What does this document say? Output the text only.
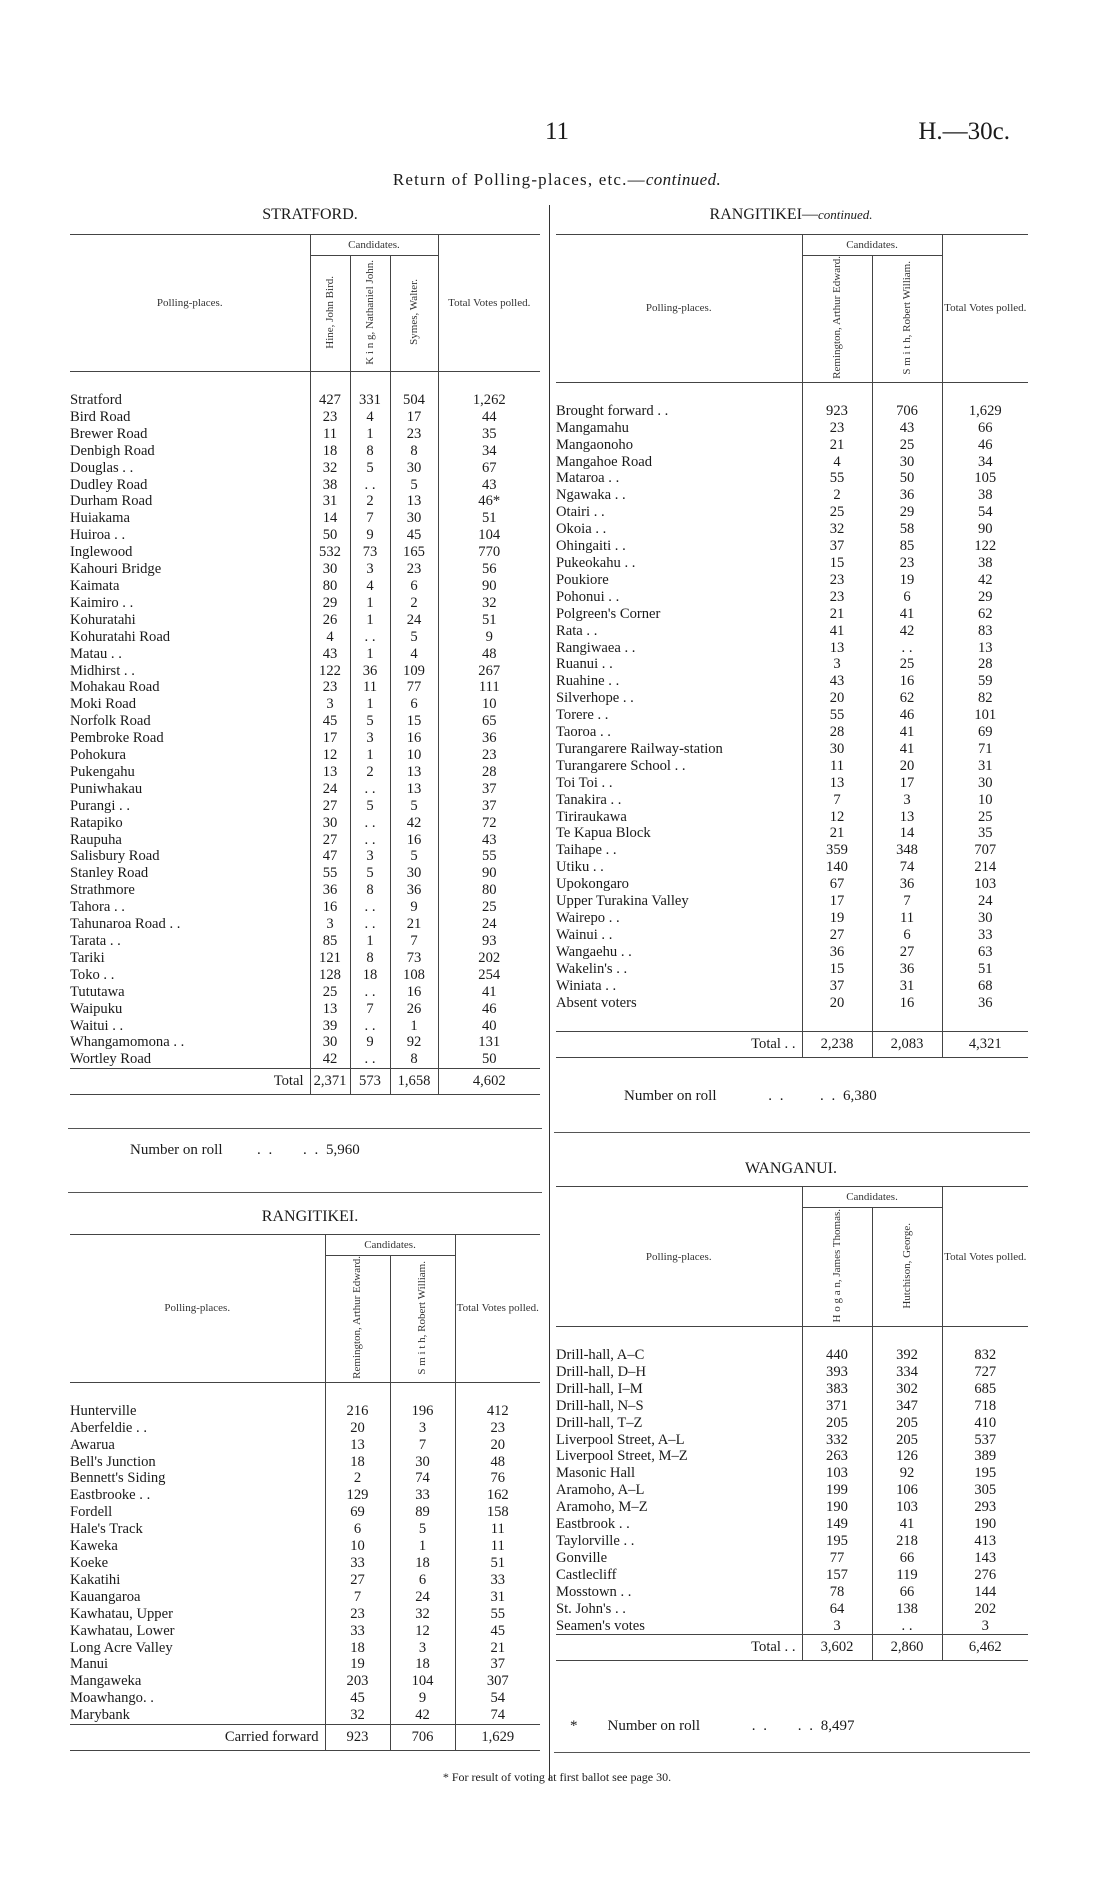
11	H.—30c.
Return of Polling-places, etc.—continued.
STRATFORD.
Polling-places.	Candidates.			Total Votes polled.
	Hine, John Bird.	K i n g, Nathaniel John.	Symes, Walter.	

Stratford	427	331	504	1,262
Bird Road	23	4	17	44
Brewer Road	11	1	23	35
Denbigh Road	18	8	8	34
Douglas . .	32	5	30	67
Dudley Road	38	. .	5	43
Durham Road	31	2	13	46*
Huiakama	14	7	30	51
Huiroa . .	50	9	45	104
Inglewood	532	73	165	770
Kahouri Bridge	30	3	23	56
Kaimata	80	4	6	90
Kaimiro . .	29	1	2	32
Kohuratahi	26	1	24	51
Kohuratahi Road	4	. .	5	9
Matau . .	43	1	4	48
Midhirst . .	122	36	109	267
Mohakau Road	23	11	77	111
Moki Road	3	1	6	10
Norfolk Road	45	5	15	65
Pembroke Road	17	3	16	36
Pohokura	12	1	10	23
Pukengahu	13	2	13	28
Puniwhakau	24	. .	13	37
Purangi . .	27	5	5	37
Ratapiko	30	. .	42	72
Raupuha	27	. .	16	43
Salisbury Road	47	3	5	55
Stanley Road	55	5	30	90
Strathmore	36	8	36	80
Tahora . .	16	. .	9	25
Tahunaroa Road . .	3	. .	21	24
Tarata . .	85	1	7	93
Tariki	121	8	73	202
Toko . .	128	18	108	254
Tututawa	25	. .	16	41
Waipuku	13	7	26	46
Waitui . .	39	. .	1	40
Whangamomona . .	30	9	92	131
Wortley Road	42	. .	8	50
Total	2,371	573	1,658	4,602
Number on roll      . .     . . 5,960
RANGITIKEI.
Polling-places.	Candidates.		Total Votes polled.
	Remington, Arthur Edward.	S m i t h, Robert William.	

Hunterville	216	196	412
Aberfeldie . .	20	3	23
Awarua	13	7	20
Bell's Junction	18	30	48
Bennett's Siding	2	74	76
Eastbrooke . .	129	33	162
Fordell	69	89	158
Hale's Track	6	5	11
Kaweka	10	1	11
Koeke	33	18	51
Kakatihi	27	6	33
Kauangaroa	7	24	31
Kawhatau, Upper	23	32	55
Kawhatau, Lower	33	12	45
Long Acre Valley	18	3	21
Manui	19	18	37
Mangaweka	203	104	307
Moawhango. .	45	9	54
Marybank	32	42	74
Carried forward	923	706	1,629
RANGITIKEI—continued.
Polling-places.	Candidates.		Total Votes polled.
	Remington, Arthur Edward.	S m i t h, Robert William.	

Brought forward . .	923	706	1,629
Mangamahu	23	43	66
Mangaonoho	21	25	46
Mangahoe Road	4	30	34
Mataroa . .	55	50	105
Ngawaka . .	2	36	38
Otairi . .	25	29	54
Okoia . .	32	58	90
Ohingaiti . .	37	85	122
Pukeokahu . .	15	23	38
Poukiore	23	19	42
Pohonui . .	23	6	29
Polgreen's Corner	21	41	62
Rata . .	41	42	83
Rangiwaea . .	13	. .	13
Ruanui . .	3	25	28
Ruahine . .	43	16	59
Silverhope . .	20	62	82
Torere . .	55	46	101
Taoroa . .	28	41	69
Turangarere Railway-station	30	41	71
Turangarere School . .	11	20	31
Toi Toi . .	13	17	30
Tanakira . .	7	3	10
Tiriraukawa	12	13	25
Te Kapua Block	21	14	35
Taihape . .	359	348	707
Utiku . .	140	74	214
Upokongaro	67	36	103
Upper Turakina Valley	17	7	24
Wairepo . .	19	11	30
Wainui . .	27	6	33
Wangaehu . .	36	27	63
Wakelin's . .	15	36	51
Winiata . .	37	31	68
Absent voters	20	16	36

Total . .	2,238	2,083	4,321
Number on roll         . .      . . 6,380
WANGANUI.
Polling-places.	Candidates.		Total Votes polled.
	H o g a n, James Thomas.	Hutchison, George.	

Drill-hall, A–C	440	392	832
Drill-hall, D–H	393	334	727
Drill-hall, I–M	383	302	685
Drill-hall, N–S	371	347	718
Drill-hall, T–Z	205	205	410
Liverpool Street, A–L	332	205	537
Liverpool Street, M–Z	263	126	389
Masonic Hall	103	92	195
Aramoho, A–L	199	106	305
Aramoho, M–Z	190	103	293
Eastbrook . .	149	41	190
Taylorville . .	195	218	413
Gonville	77	66	143
Castlecliff	157	119	276
Mosstown . .	78	66	144
St. John's . .	64	138	202
Seamen's votes	3	. .	3
Total . .	3,602	2,860	6,462
* Number on roll         . .     . . 8,497
* For result of voting at first ballot see page 30.
